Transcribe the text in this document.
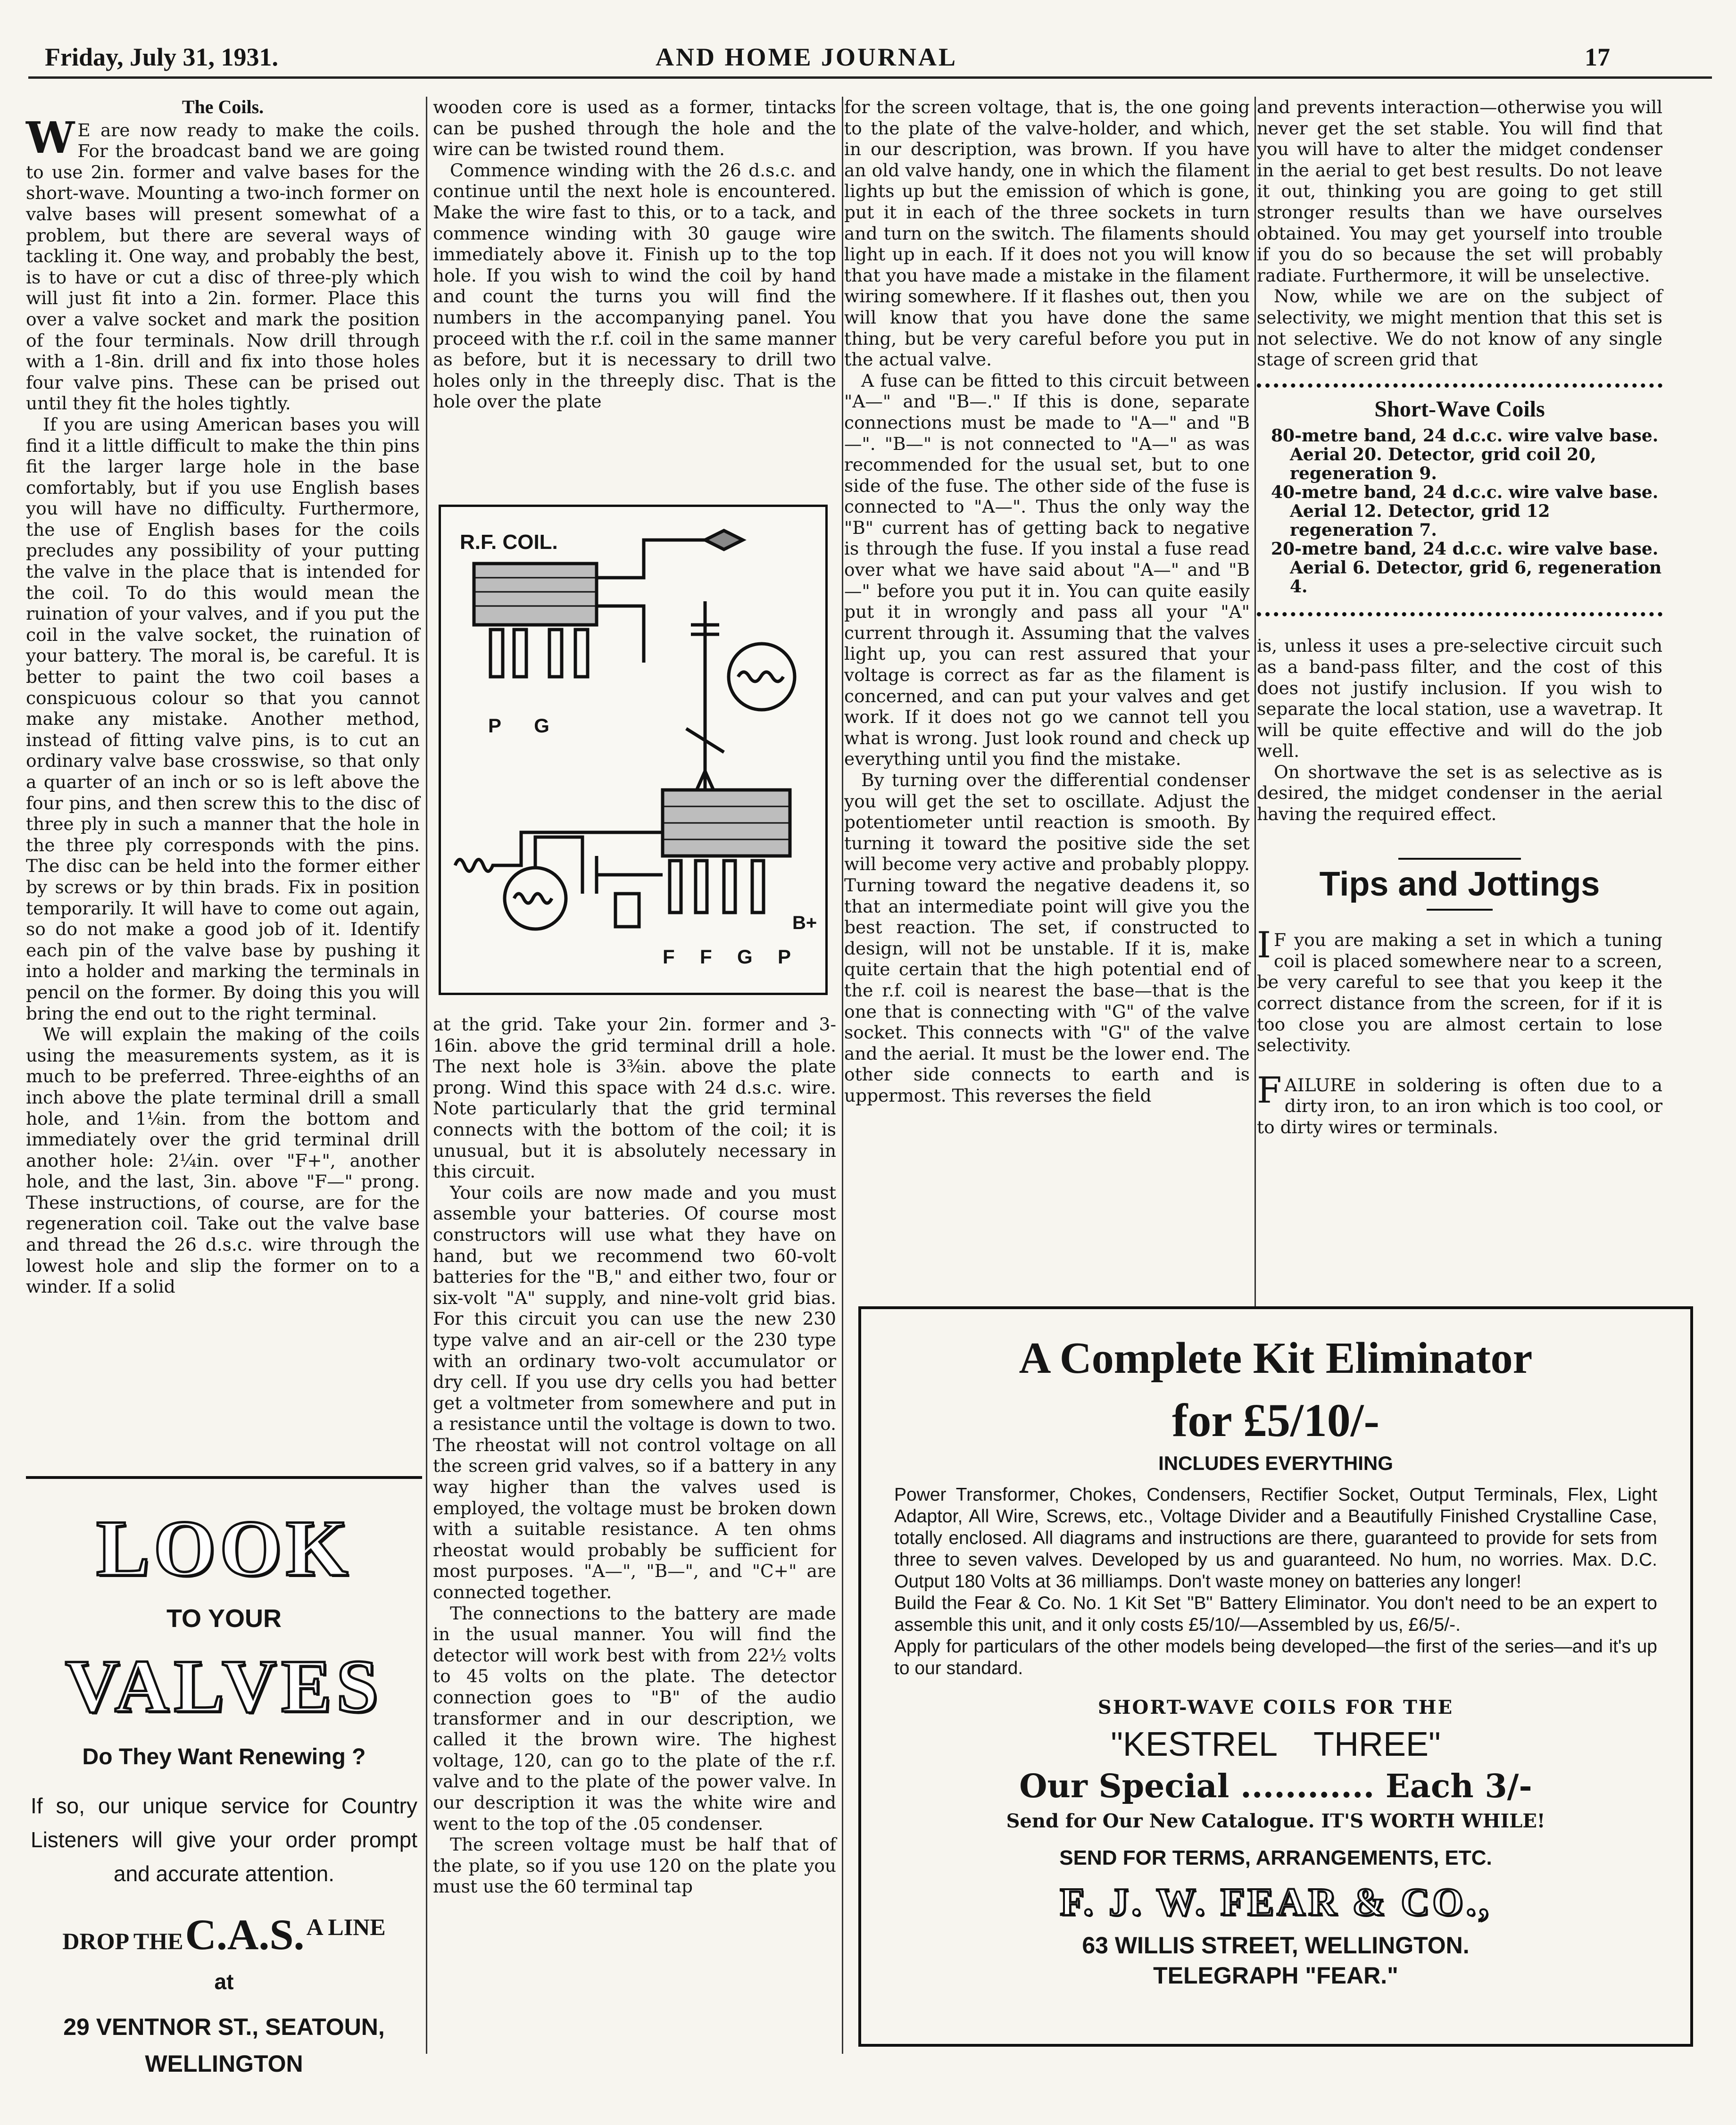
Friday, July 31, 1931.	AND HOME JOURNAL	17
The Coils.

W E are now ready to make the coils. For the broadcast band we are going to use 2in. former and valve bases for the short-wave. Mounting a two-inch former on valve bases will present somewhat of a problem, but there are several ways of tackling it. One way, and probably the best, is to have or cut a disc of three-ply which will just fit into a 2in. former. Place this over a valve socket and mark the position of the four terminals. Now drill through with a 1-8in. drill and fix into those holes four valve pins. These can be prised out until they fit the holes tightly.

If you are using American bases you will find it a little difficult to make the thin pins fit the larger large hole in the base comfortably, but if you use English bases you will have no difficulty. Furthermore, the use of English bases for the coils precludes any possibility of your putting the valve in the place that is intended for the coil. To do this would mean the ruination of your valves, and if you put the coil in the valve socket, the ruination of your battery. The moral is, be careful. It is better to paint the two coil bases a conspicuous colour so that you cannot make any mistake. Another method, instead of fitting valve pins, is to cut an ordinary valve base crosswise, so that only a quarter of an inch or so is left above the four pins, and then screw this to the disc of three ply in such a manner that the hole in the three ply corresponds with the pins. The disc can be held into the former either by screws or by thin brads. Fix in position temporarily. It will have to come out again, so do not make a good job of it. Identify each pin of the valve base by pushing it into a holder and marking the terminals in pencil on the former. By doing this you will bring the end out to the right terminal.

We will explain the making of the coils using the measurements system, as it is much to be preferred. Three-eighths of an inch above the plate terminal drill a small hole, and 1⅛in. from the bottom and immediately over the grid terminal drill another hole: 2¼in. over "F+", another hole, and the last, 3in. above "F—" prong. These instructions, of course, are for the regeneration coil. Take out the valve base and thread the 26 d.s.c. wire through the lowest hole and slip the former on to a winder. If a solid

LOOK
TO YOUR
VALVES
Do They Want Renewing ?
If so, our unique service for Country Listeners will give your order prompt and accurate attention.
DROP THE C.A.S. A LINE
at
29 VENTNOR ST., SEATOUN,
WELLINGTON

wooden core is used as a former, tintacks can be pushed through the hole and the wire can be twisted round them.

Commence winding with the 26 d.s.c. and continue until the next hole is encountered. Make the wire fast to this, or to a tack, and commence winding with 30 gauge wire immediately above it. Finish up to the top hole. If you wish to wind the coil by hand and count the turns you will find the numbers in the accompanying panel. You proceed with the r.f. coil in the same manner as before, but it is necessary to drill two holes only in the threeply disc. That is the hole over the plate

R.F. COIL.
P      G
F  F  G  P
B+

at the grid. Take your 2in. former and 3-16in. above the grid terminal drill a hole. The next hole is 3⅜in. above the plate prong. Wind this space with 24 d.s.c. wire. Note particularly that the grid terminal connects with the bottom of the coil; it is unusual, but it is absolutely necessary in this circuit.

Your coils are now made and you must assemble your batteries. Of course most constructors will use what they have on hand, but we recommend two 60-volt batteries for the "B," and either two, four or six-volt "A" supply, and nine-volt grid bias. For this circuit you can use the new 230 type valve and an air-cell or the 230 type with an ordinary two-volt accumulator or dry cell. If you use dry cells you had better get a voltmeter from somewhere and put in a resistance until the voltage is down to two. The rheostat will not control voltage on all the screen grid valves, so if a battery in any way higher than the valves used is employed, the voltage must be broken down with a suitable resistance. A ten ohms rheostat would probably be sufficient for most purposes. "A—", "B—", and "C+" are connected together.

The connections to the battery are made in the usual manner. You will find the detector will work best with from 22½ volts to 45 volts on the plate. The detector connection goes to "B" of the audio transformer and in our description, we called it the brown wire. The highest voltage, 120, can go to the plate of the r.f. valve and to the plate of the power valve. In our description it was the white wire and went to the top of the .05 condenser.

The screen voltage must be half that of the plate, so if you use 120 on the plate you must use the 60 terminal tap

for the screen voltage, that is, the one going to the plate of the valve-holder, and which, in our description, was brown. If you have an old valve handy, one in which the filament lights up but the emission of which is gone, put it in each of the three sockets in turn and turn on the switch. The filaments should light up in each. If it does not you will know that you have made a mistake in the filament wiring somewhere. If it flashes out, then you will know that you have done the same thing, but be very careful before you put in the actual valve.

A fuse can be fitted to this circuit between "A—" and "B—." If this is done, separate connections must be made to "A—" and "B—". "B—" is not connected to "A—" as was recommended for the usual set, but to one side of the fuse. The other side of the fuse is connected to "A—". Thus the only way the "B" current has of getting back to negative is through the fuse. If you instal a fuse read over what we have said about "A—" and "B—" before you put it in. You can quite easily put it in wrongly and pass all your "A" current through it. Assuming that the valves light up, you can rest assured that your voltage is correct as far as the filament is concerned, and can put your valves and get work. If it does not go we cannot tell you what is wrong. Just look round and check up everything until you find the mistake.

By turning over the differential condenser you will get the set to oscillate. Adjust the potentiometer until reaction is smooth. By turning it toward the positive side the set will become very active and probably ploppy. Turning toward the negative deadens it, so that an intermediate point will give you the best reaction. The set, if constructed to design, will not be unstable. If it is, make quite certain that the high potential end of the r.f. coil is nearest the base—that is the one that is connecting with "G" of the valve socket. This connects with "G" of the valve and the aerial. It must be the lower end. The other side connects to earth and is uppermost. This reverses the field

and prevents interaction—otherwise you will never get the set stable. You will find that you will have to alter the midget condenser in the aerial to get best results. Do not leave it out, thinking you are going to get still stronger results than we have ourselves obtained. You may get yourself into trouble if you do so because the set will probably radiate. Furthermore, it will be unselective.

Now, while we are on the subject of selectivity, we might mention that this set is not selective. We do not know of any single stage of screen grid that

Short-Wave Coils
80-metre band, 24 d.c.c. wire valve base. Aerial 20. Detector, grid coil 20, regeneration 9.
40-metre band, 24 d.c.c. wire valve base. Aerial 12. Detector, grid 12 regeneration 7.
20-metre band, 24 d.c.c. wire valve base. Aerial 6. Detector, grid 6, regeneration 4.

is, unless it uses a pre-selective circuit such as a band-pass filter, and the cost of this does not justify inclusion. If you wish to separate the local station, use a wavetrap. It will be quite effective and will do the job well.

On shortwave the set is as selective as is desired, the midget condenser in the aerial having the required effect.

Tips and Jottings

I F you are making a set in which a tuning coil is placed somewhere near to a screen, be very careful to see that you keep it the correct distance from the screen, for if it is too close you are almost certain to lose selectivity.

FAILURE in soldering is often due to a dirty iron, to an iron which is too cool, or to dirty wires or terminals.

A Complete Kit Eliminator
for £5/10/-
INCLUDES EVERYTHING
Power Transformer, Chokes, Condensers, Rectifier Socket, Output Terminals, Flex, Light Adaptor, All Wire, Screws, etc., Voltage Divider and a Beautifully Finished Crystalline Case, totally enclosed. All diagrams and instructions are there, guaranteed to provide for sets from three to seven valves. Developed by us and guaranteed. No hum, no worries. Max. D.C. Output 180 Volts at 36 milliamps. Don't waste money on batteries any longer!
Build the Fear & Co. No. 1 Kit Set "B" Battery Eliminator. You don't need to be an expert to assemble this unit, and it only costs £5/10/—Assembled by us, £6/5/-.
Apply for particulars of the other models being developed—the first of the series—and it's up to our standard.
SHORT-WAVE COILS FOR THE
"KESTREL THREE"
Our Special ............ Each 3/-
Send for Our New Catalogue. IT'S WORTH WHILE!
SEND FOR TERMS, ARRANGEMENTS, ETC.
F. J. W. FEAR & CO.,
63 WILLIS STREET, WELLINGTON.
TELEGRAPH "FEAR."
